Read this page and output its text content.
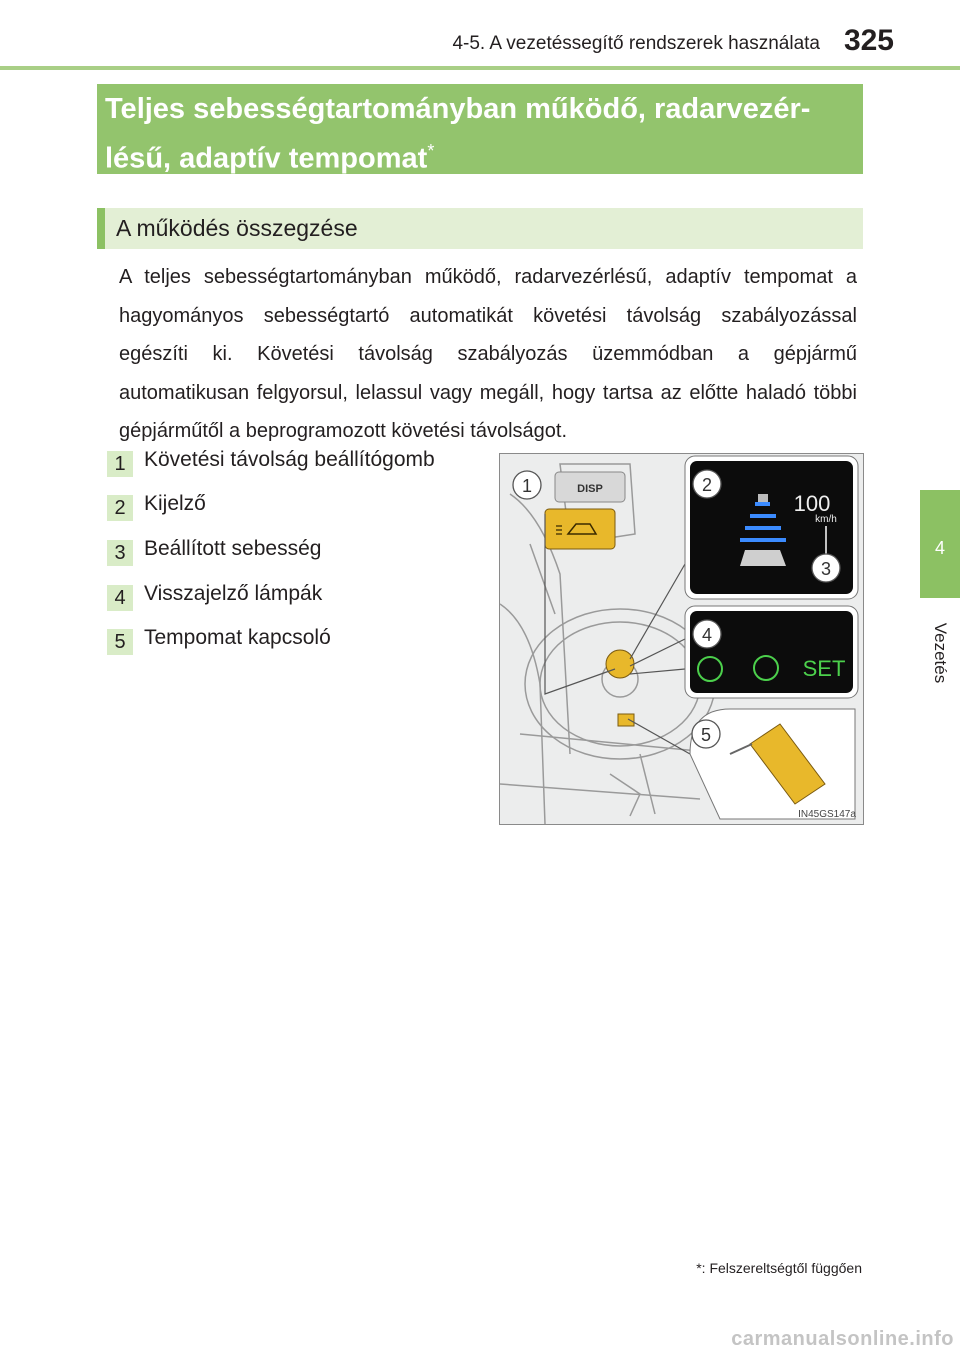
4-5. A vezetéssegítő rendszerek használata 325
4
Vezetés
Teljes sebességtartományban működő, radarvezér-lésű, adaptív tempomat*
A működés összegzése
A teljes sebességtartományban működő, radarvezérlésű, adaptív tempomat a hagyományos sebességtartó automatikát követési távolság szabályozással egészíti ki. Követési távolság szabályozás üzemmódban a gépjármű automatikusan felgyorsul, lelassul vagy megáll, hogy tartsa az előtte haladó többi gépjárműtől a beprogramozott követési távolságot.
1 Követési távolság beállítógomb
2 Kijelző
3 Beállított sebesség
4 Visszajelző lámpák
5 Tempomat kapcsoló
DISP
100
km/h
SET
1	2
3
4
5
IN45GS147a
*: Felszereltségtől függően
carmanualsonline.info
